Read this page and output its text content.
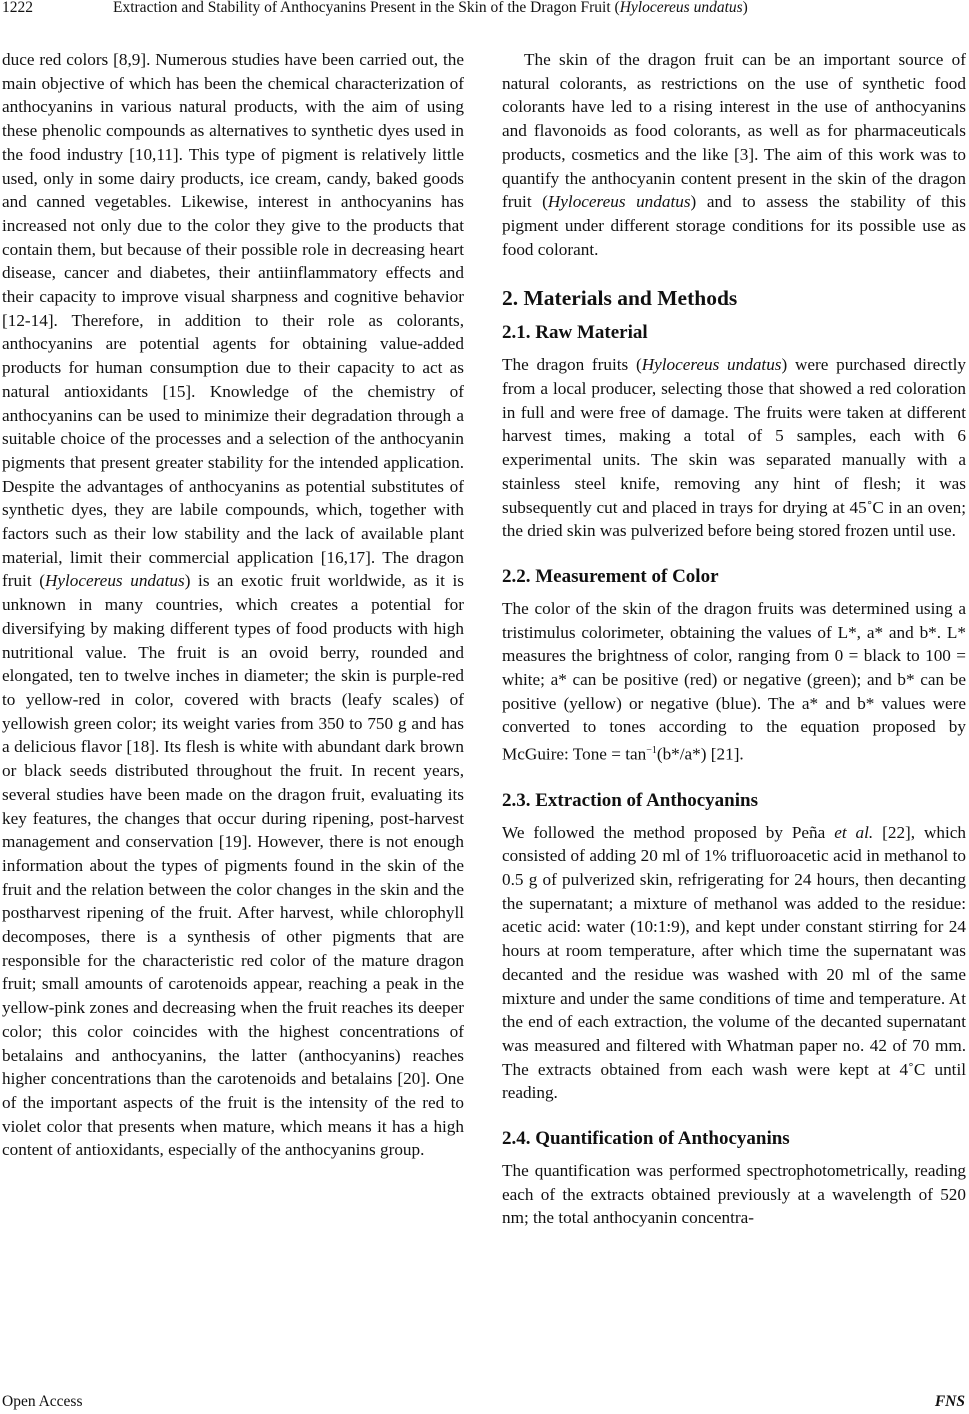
1222	Extraction and Stability of Anthocyanins Present in the Skin of the Dragon Fruit (Hylocereus undatus)

duce red colors [8,9]. Numerous studies have been carried out, the main objective of which has been the chemical characterization of anthocyanins in various natural products, with the aim of using these phenolic compounds as alternatives to synthetic dyes used in the food industry [10,11]. This type of pigment is relatively little used, only in some dairy products, ice cream, candy, baked goods and canned vegetables. Likewise, interest in anthocyanins has increased not only due to the color they give to the products that contain them, but because of their possible role in decreasing heart disease, cancer and diabetes, their antiinflammatory effects and their capacity to improve visual sharpness and cognitive behavior [12-14]. Therefore, in addition to their role as colorants, anthocyanins are potential agents for obtaining value-added products for human consumption due to their capacity to act as natural antioxidants [15]. Knowledge of the chemistry of anthocyanins can be used to minimize their degradation through a suitable choice of the processes and a selection of the anthocyanin pigments that present greater stability for the intended application. Despite the advantages of anthocyanins as potential substitutes of synthetic dyes, they are labile compounds, which, together with factors such as their low stability and the lack of available plant material, limit their commercial application [16,17]. The dragon fruit (Hylocereus undatus) is an exotic fruit worldwide, as it is unknown in many countries, which creates a potential for diversifying by making different types of food products with high nutritional value. The fruit is an ovoid berry, rounded and elongated, ten to twelve inches in diameter; the skin is purple-red to yellow-red in color, covered with bracts (leafy scales) of yellowish green color; its weight varies from 350 to 750 g and has a delicious flavor [18]. Its flesh is white with abundant dark brown or black seeds distributed throughout the fruit. In recent years, several studies have been made on the dragon fruit, evaluating its key features, the changes that occur during ripening, post-harvest management and conservation [19]. However, there is not enough information about the types of pigments found in the skin of the fruit and the relation between the color changes in the skin and the postharvest ripening of the fruit. After harvest, while chlorophyll decomposes, there is a synthesis of other pigments that are responsible for the characteristic red color of the mature dragon fruit; small amounts of carotenoids appear, reaching a peak in the yellow-pink zones and decreasing when the fruit reaches its deeper color; this color coincides with the highest concentrations of betalains and anthocyanins, the latter (anthocyanins) reaches higher concentrations than the carotenoids and betalains [20]. One of the important aspects of the fruit is the intensity of the red to violet color that presents when mature, which means it has a high content of antioxidants, especially of the anthocyanins group.

The skin of the dragon fruit can be an important source of natural colorants, as restrictions on the use of synthetic food colorants have led to a rising interest in the use of anthocyanins and flavonoids as food colorants, as well as for pharmaceuticals products, cosmetics and the like [3]. The aim of this work was to quantify the anthocyanin content present in the skin of the dragon fruit (Hylocereus undatus) and to assess the stability of this pigment under different storage conditions for its possible use as food colorant.

2. Materials and Methods
2.1. Raw Material

The dragon fruits (Hylocereus undatus) were purchased directly from a local producer, selecting those that showed a red coloration in full and were free of damage. The fruits were taken at different harvest times, making a total of 5 samples, each with 6 experimental units. The skin was separated manually with a stainless steel knife, removing any hint of flesh; it was subsequently cut and placed in trays for drying at 45˚C in an oven; the dried skin was pulverized before being stored frozen until use.

2.2. Measurement of Color

The color of the skin of the dragon fruits was determined using a tristimulus colorimeter, obtaining the values of L*, a* and b*. L* measures the brightness of color, ranging from 0 = black to 100 = white; a* can be positive (red) or negative (green); and b* can be positive (yellow) or negative (blue). The a* and b* values were converted to tones according to the equation proposed by McGuire: Tone = $\tan^{-1}(b*/a*)$ [21].

2.3. Extraction of Anthocyanins

We followed the method proposed by Peña et al. [22], which consisted of adding 20 ml of 1% trifluoroacetic acid in methanol to 0.5 g of pulverized skin, refrigerating for 24 hours, then decanting the supernatant; a mixture of methanol was added to the residue: acetic acid: water (10:1:9), and kept under constant stirring for 24 hours at room temperature, after which time the supernatant was decanted and the residue was washed with 20 ml of the same mixture and under the same conditions of time and temperature. At the end of each extraction, the volume of the decanted supernatant was measured and filtered with Whatman paper no. 42 of 70 mm. The extracts obtained from each wash were kept at 4˚C until reading.

2.4. Quantification of Anthocyanins

The quantification was performed spectrophotometrically, reading each of the extracts obtained previously at a wavelength of 520 nm; the total anthocyanin concentra-

Open Access	FNS
